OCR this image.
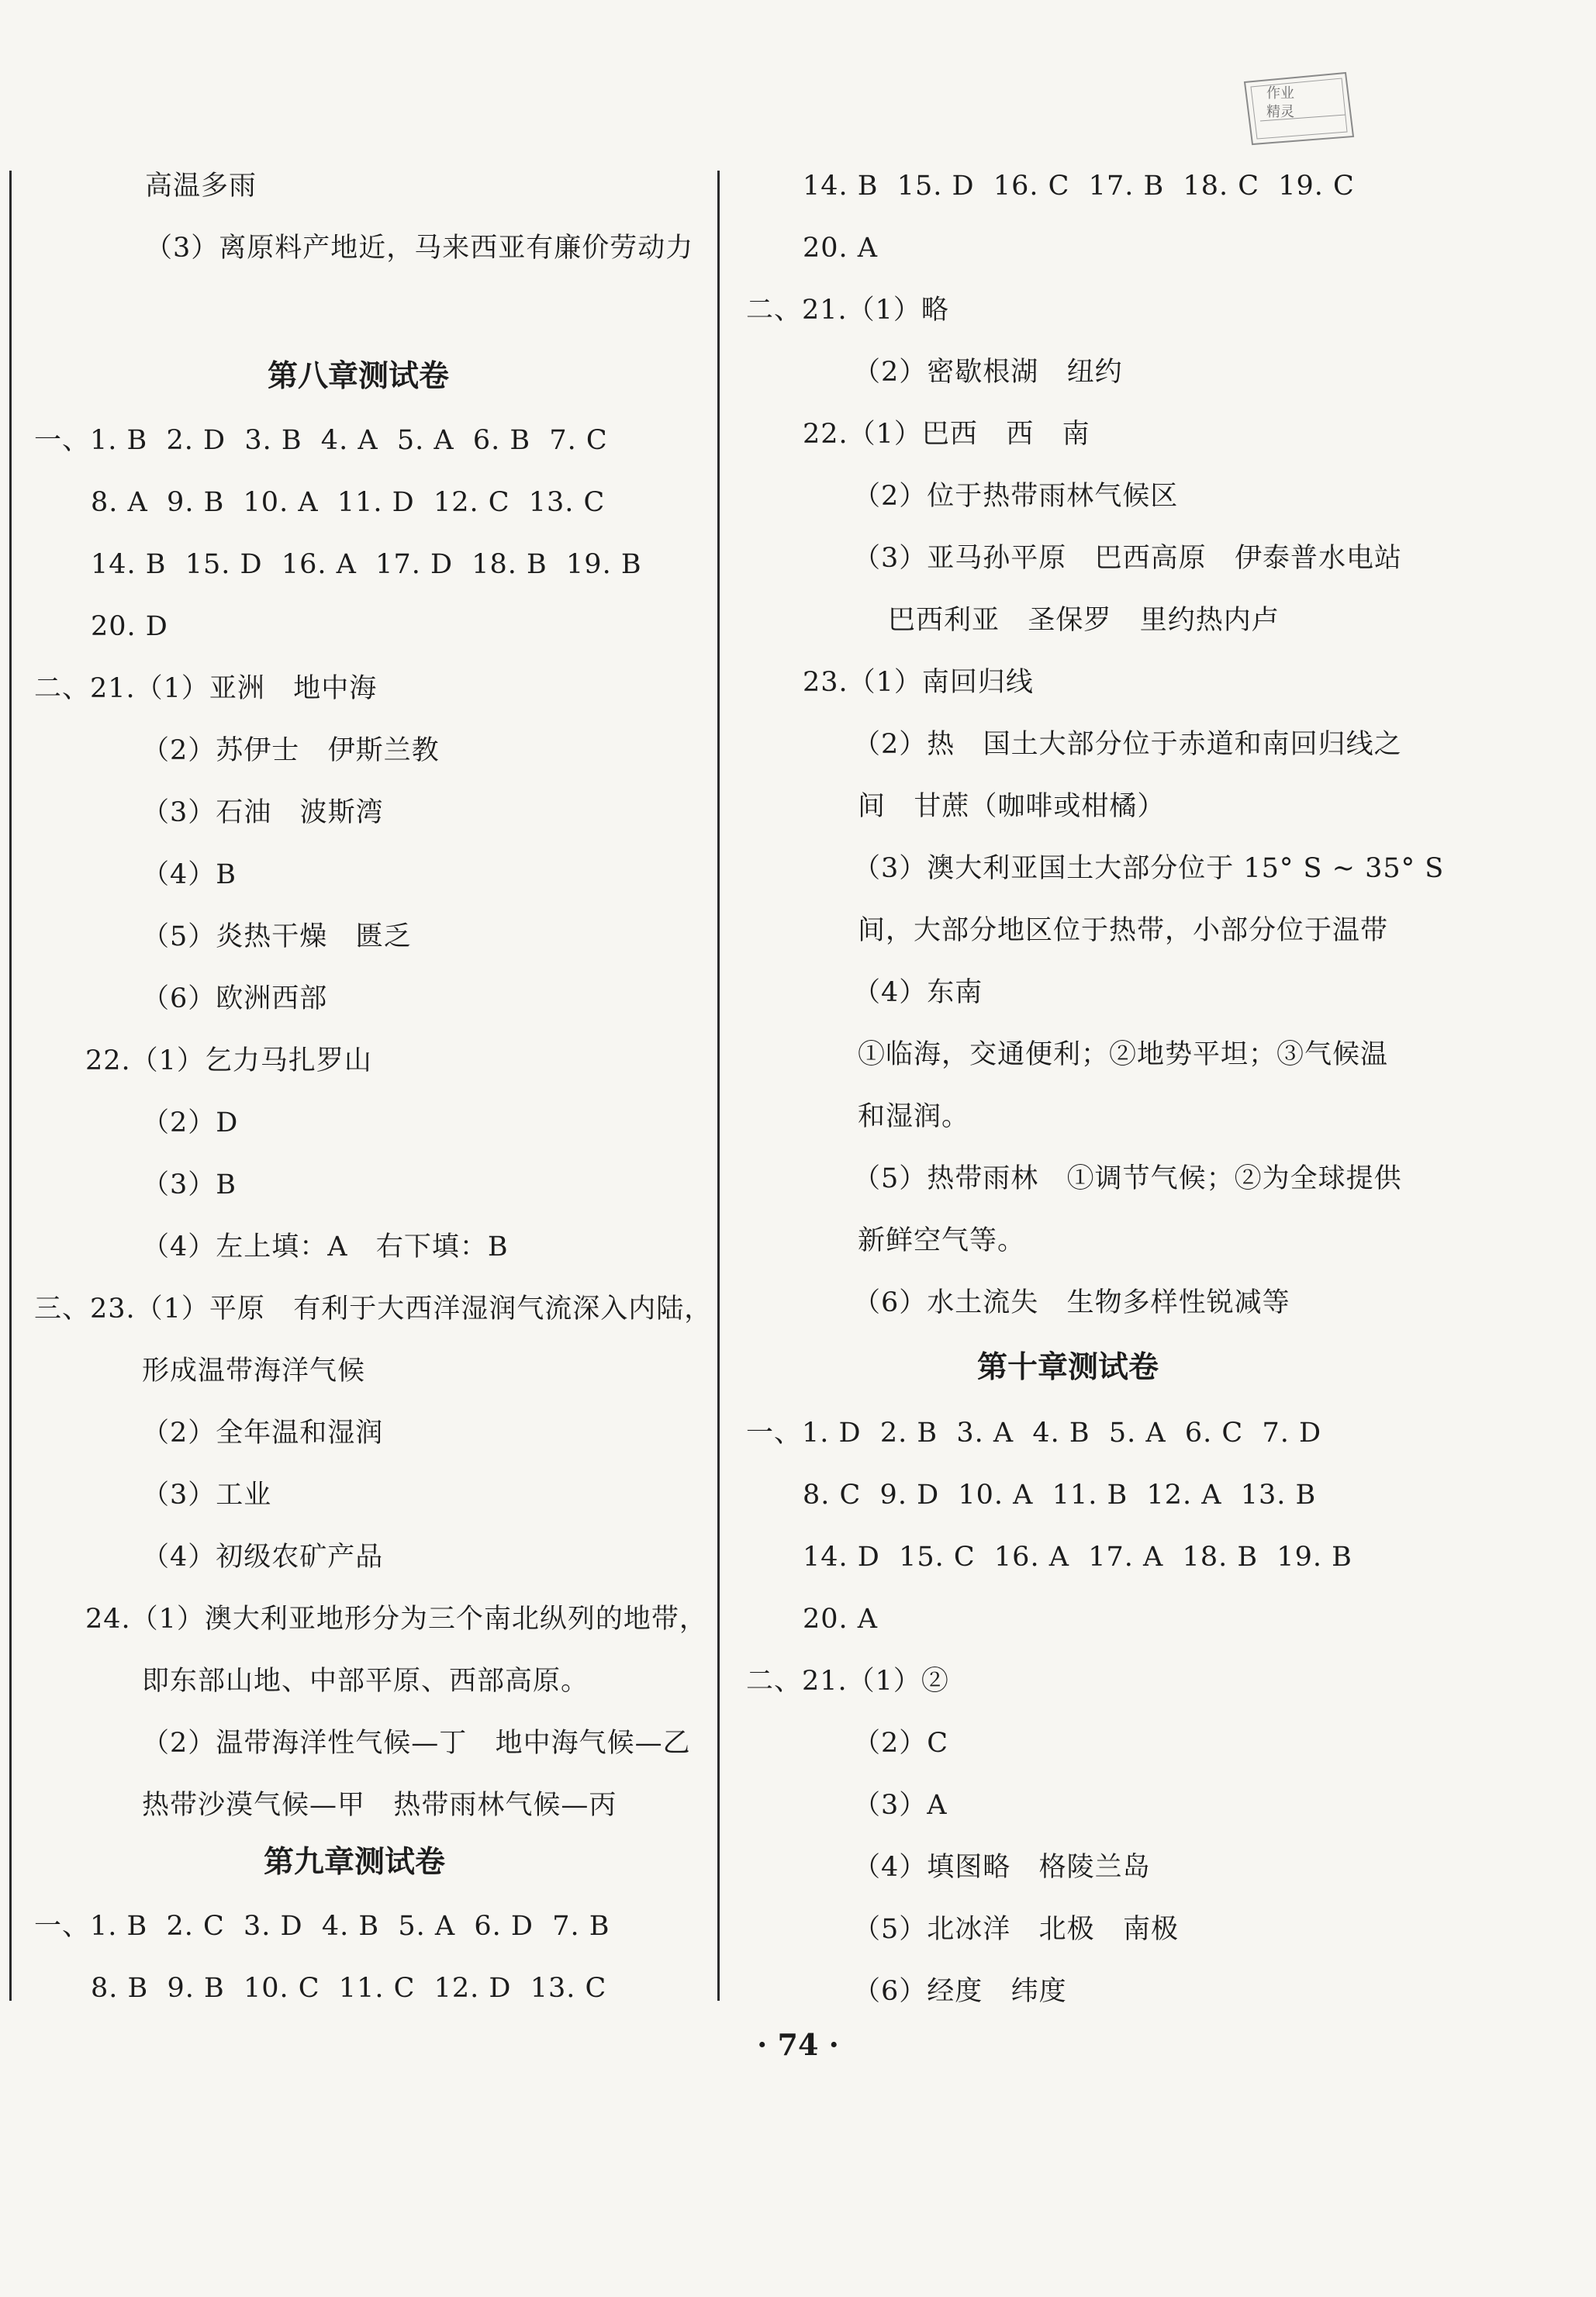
作业
精灵
高温多雨
（3）离原料产地近，马来西亚有廉价劳动力
第八章测试卷
一、1. B  2. D  3. B  4. A  5. A  6. B  7. C
8. A  9. B  10. A  11. D  12. C  13. C
14. B  15. D  16. A  17. D  18. B  19. B
20. D
二、21.（1）亚洲   地中海
（2）苏伊士   伊斯兰教
（3）石油   波斯湾
（4）B
（5）炎热干燥   匮乏
（6）欧洲西部
22.（1）乞力马扎罗山
（2）D
（3）B
（4）左上填：A   右下填：B
三、23.（1）平原   有利于大西洋湿润气流深入内陆，
形成温带海洋气候
（2）全年温和湿润
（3）工业
（4）初级农矿产品
24.（1）澳大利亚地形分为三个南北纵列的地带，
即东部山地、中部平原、西部高原。
（2）温带海洋性气候—丁   地中海气候—乙
热带沙漠气候—甲   热带雨林气候—丙
第九章测试卷
一、1. B  2. C  3. D  4. B  5. A  6. D  7. B
8. B  9. B  10. C  11. C  12. D  13. C
14. B  15. D  16. C  17. B  18. C  19. C
20. A
二、21.（1）略
（2）密歇根湖   纽约
22.（1）巴西   西   南
（2）位于热带雨林气候区
（3）亚马孙平原   巴西高原   伊泰普水电站
巴西利亚   圣保罗   里约热内卢
23.（1）南回归线
（2）热   国土大部分位于赤道和南回归线之
间   甘蔗（咖啡或柑橘）
（3）澳大利亚国土大部分位于 15° S ~ 35° S
间，大部分地区位于热带，小部分位于温带
（4）东南
①临海，交通便利；②地势平坦；③气候温
和湿润。
（5）热带雨林   ①调节气候；②为全球提供
新鲜空气等。
（6）水土流失   生物多样性锐减等
第十章测试卷
一、1. D  2. B  3. A  4. B  5. A  6. C  7. D
8. C  9. D  10. A  11. B  12. A  13. B
14. D  15. C  16. A  17. A  18. B  19. B
20. A
二、21.（1）②
（2）C
（3）A
（4）填图略   格陵兰岛
（5）北冰洋   北极   南极
（6）经度   纬度
· 74 ·
